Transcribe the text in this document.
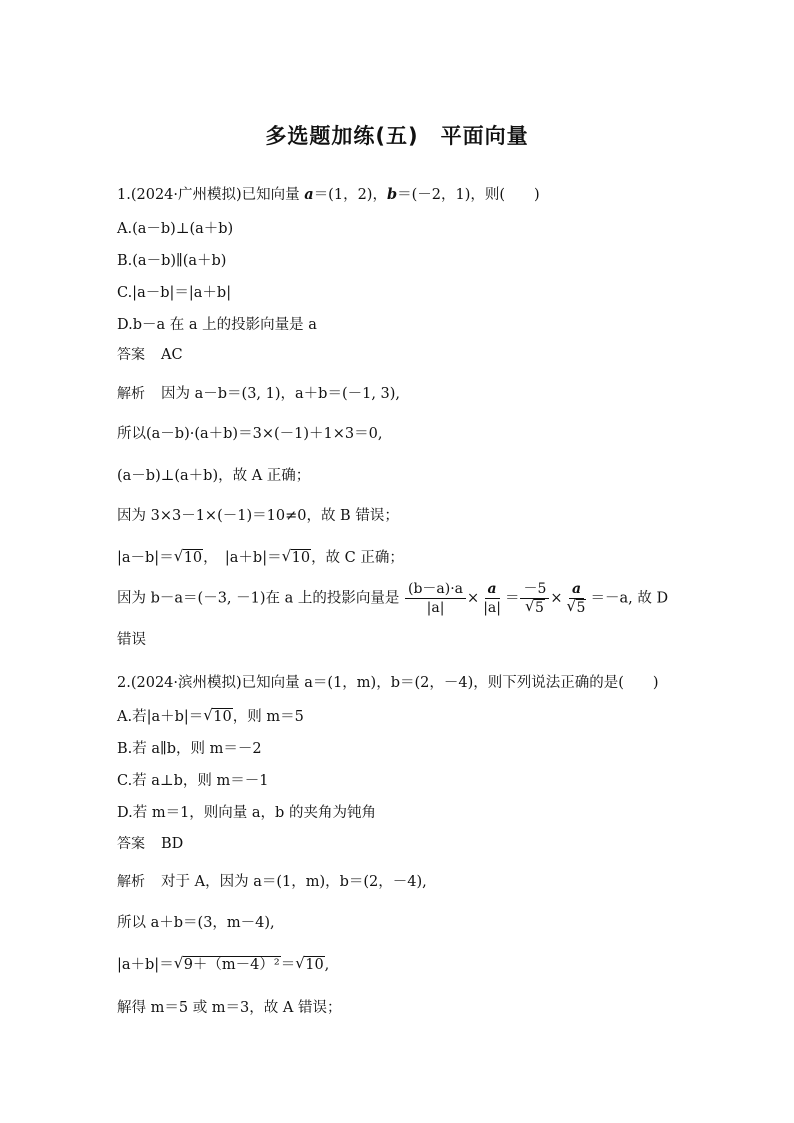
多选题加练(五)　平面向量
1.(2024·广州模拟)已知向量 a＝(1，2)，b＝(－2，1)，则(　　)
A.(a－b)⊥(a＋b)
B.(a－b)∥(a＋b)
C.|a－b|＝|a＋b|
D.b－a 在 a 上的投影向量是 a
答案 AC
解析 因为 a－b＝(3, 1)，a＋b＝(－1, 3),
所以(a－b)·(a＋b)＝3×(－1)＋1×3＝0,
(a－b)⊥(a＋b)，故 A 正确；
因为 3×3－1×(－1)＝10≠0，故 B 错误；
|a－b|＝ √ 10，　|a＋b|＝ √ 10，故 C 正确；
因为 b－a＝(－3, －1)在 a 上的投影向量是 $\frac{(b-a)\cdot a}{|a|} \times \frac{a}{|a|} = \frac{-5}{√ 5} \times \frac{a}{√ 5} =-a$, 故 D
错误
2.(2024·滨州模拟)已知向量 a＝(1，m)，b＝(2，－4)，则下列说法正确的是(　　)
A.若|a＋b|＝ √ 10，则 m＝5
B.若 a∥b，则 m＝－2
C.若 a⊥b，则 m＝－1
D.若 m＝1，则向量 a，b 的夹角为钝角
答案 BD
解析 对于 A，因为 a＝(1，m)，b＝(2，－4),
所以 a＋b＝(3，m－4),
|a＋b|＝ √ 9＋（m－4）²＝ √ 10,
解得 m＝5 或 m＝3，故 A 错误；
